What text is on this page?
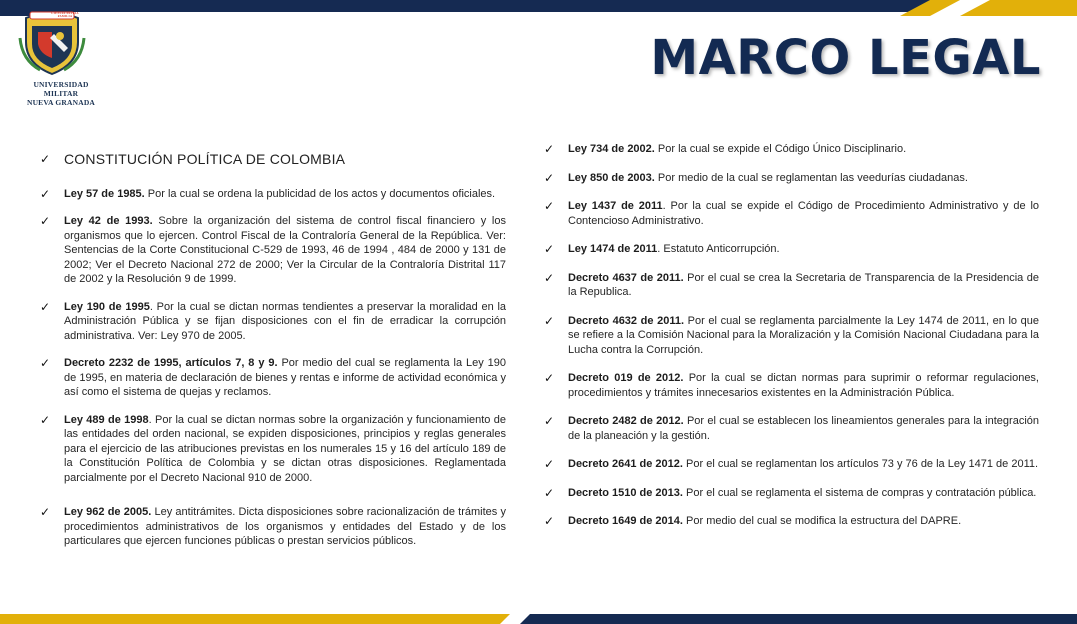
CIENCIA PATRIA FAMILIA
UNIVERSIDAD MILITAR
NUEVA GRANADA
MARCO LEGAL
✓ CONSTITUCIÓN POLÍTICA DE COLOMBIA
✓ Ley 57 de 1985. Por la cual se ordena la publicidad de los actos y documentos oficiales.
✓ Ley 42 de 1993. Sobre la organización del sistema de control fiscal financiero y los organismos que lo ejercen. Control Fiscal de la Contraloría General de la República. Ver: Sentencias de la Corte Constitucional C-529 de 1993, 46 de 1994 , 484 de 2000 y 131 de 2002; Ver el Decreto Nacional 272 de 2000; Ver la Circular de la Contraloría Distrital 117 de 2002 y la Resolución 9 de 1999.
✓ Ley 190 de 1995. Por la cual se dictan normas tendientes a preservar la moralidad en la Administración Pública y se fijan disposiciones con el fin de erradicar la corrupción administrativa. Ver: Ley 970 de 2005.
✓ Decreto 2232 de 1995, artículos 7, 8 y 9. Por medio del cual se reglamenta la Ley 190 de 1995, en materia de declaración de bienes y rentas e informe de actividad económica y así como el sistema de quejas y reclamos.
✓ Ley 489 de 1998. Por la cual se dictan normas sobre la organización y funcionamiento de las entidades del orden nacional, se expiden disposiciones, principios y reglas generales para el ejercicio de las atribuciones previstas en los numerales 15 y 16 del artículo 189 de la Constitución Política de Colombia y se dictan otras disposiciones. Reglamentada parcialmente por el Decreto Nacional 910 de 2000.
✓ Ley 962 de 2005. Ley antitrámites. Dicta disposiciones sobre racionalización de trámites y procedimientos administrativos de los organismos y entidades del Estado y de los particulares que ejercen funciones públicas o prestan servicios públicos.
✓ Ley 734 de 2002. Por la cual se expide el Código Único Disciplinario.
✓ Ley 850 de 2003. Por medio de la cual se reglamentan las veedurías ciudadanas.
✓ Ley 1437 de 2011. Por la cual se expide el Código de Procedimiento Administrativo y de lo Contencioso Administrativo.
✓ Ley 1474 de 2011. Estatuto Anticorrupción.
✓ Decreto 4637 de 2011. Por el cual se crea la Secretaria de Transparencia de la Presidencia de la Republica.
✓ Decreto 4632 de 2011. Por el cual se reglamenta parcialmente la Ley 1474 de 2011, en lo que se refiere a la Comisión Nacional para la Moralización y la Comisión Nacional Ciudadana para la Lucha contra la Corrupción.
✓ Decreto 019 de 2012. Por la cual se dictan normas para suprimir o reformar regulaciones, procedimientos y trámites innecesarios existentes en la Administración Pública.
✓ Decreto 2482 de 2012. Por el cual se establecen los lineamientos generales para la integración de la planeación y la gestión.
✓ Decreto 2641 de 2012. Por el cual se reglamentan los artículos 73 y 76 de la Ley 1471 de 2011.
✓ Decreto 1510 de 2013. Por el cual se reglamenta el sistema de compras y contratación pública.
✓ Decreto 1649 de 2014. Por medio del cual se modifica la estructura del DAPRE.
